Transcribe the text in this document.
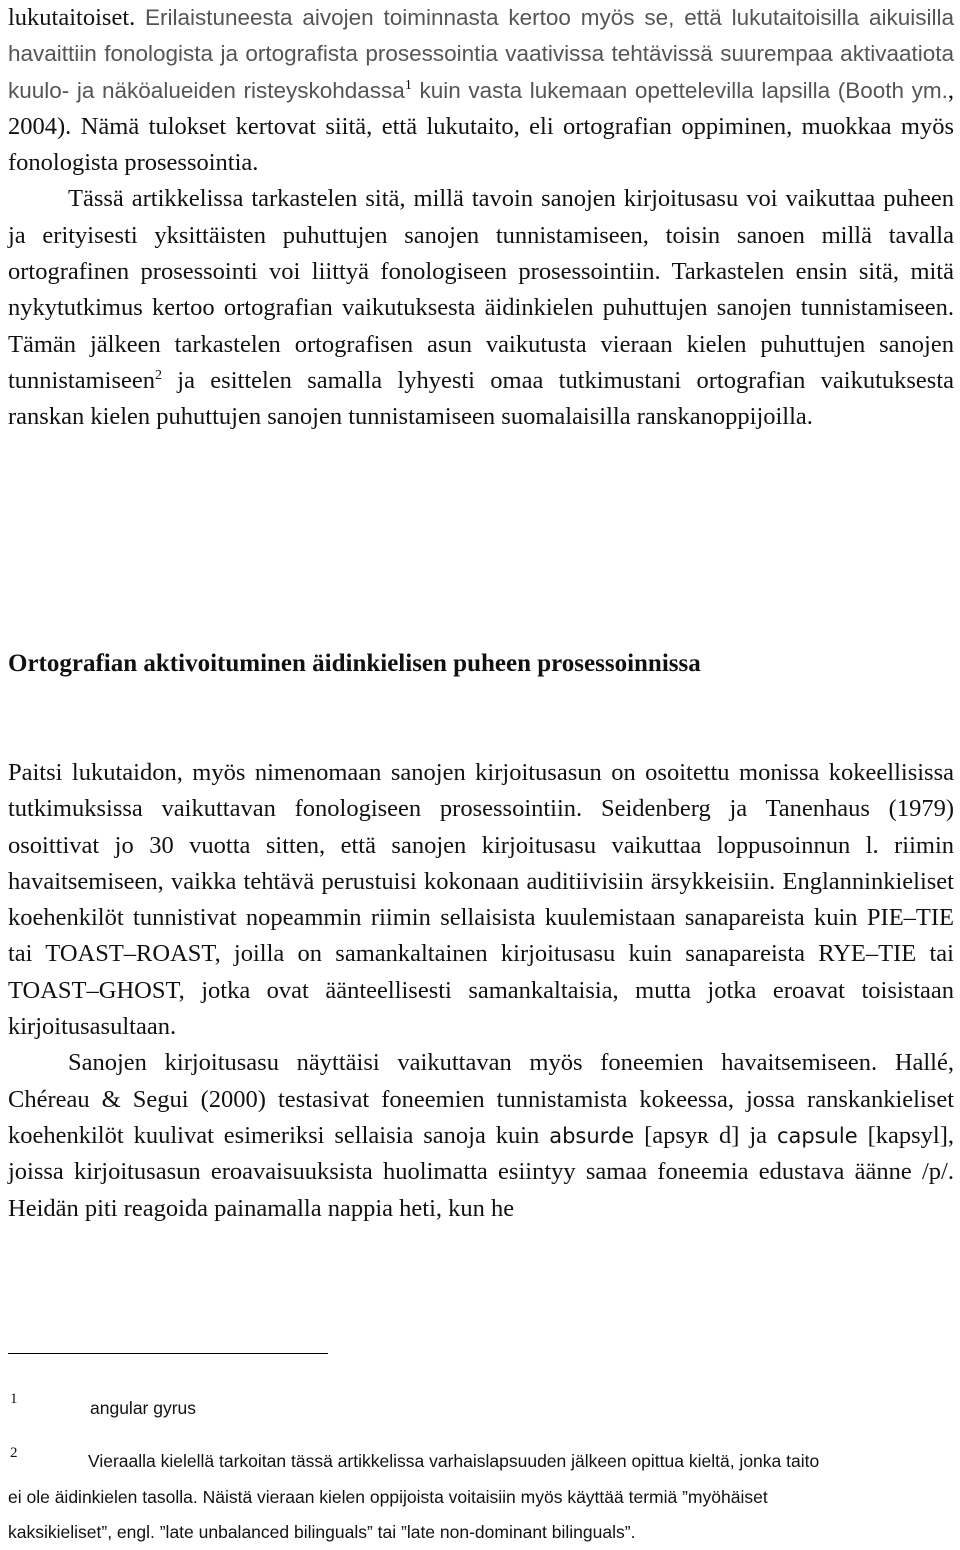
lukutaitoiset. Erilaistuneesta aivojen toiminnasta kertoo myös se, että lukutaitoisilla aikuisilla havaittiin fonologista ja ortografista prosessointia vaativissa tehtävissä suurempaa aktivaatiota kuulo- ja näköalueiden risteyskohdassa$^1$ kuin vasta lukemaan opettelevilla lapsilla (Booth ym., 2004). Nämä tulokset kertovat siitä, että lukutaito, eli ortografian oppiminen, muokkaa myös fonologista prosessointia.

Tässä artikkelissa tarkastelen sitä, millä tavoin sanojen kirjoitusasu voi vaikuttaa puheen ja erityisesti yksittäisten puhuttujen sanojen tunnistamiseen, toisin sanoen millä tavalla ortografinen prosessointi voi liittyä fonologiseen prosessointiin. Tarkastelen ensin sitä, mitä nykytutkimus kertoo ortografian vaikutuksesta äidinkielen puhuttujen sanojen tunnistamiseen. Tämän jälkeen tarkastelen ortografisen asun vaikutusta vieraan kielen puhuttujen sanojen tunnistamiseen$^2$ ja esittelen samalla lyhyesti omaa tutkimustani ortografian vaikutuksesta ranskan kielen puhuttujen sanojen tunnistamiseen suomalaisilla ranskanoppijoilla.

Ortografian aktivoituminen äidinkielisen puheen prosessoinnissa

Paitsi lukutaidon, myös nimenomaan sanojen kirjoitusasun on osoitettu monissa kokeellisissa tutkimuksissa vaikuttavan fonologiseen prosessointiin. Seidenberg ja Tanenhaus (1979) osoittivat jo 30 vuotta sitten, että sanojen kirjoitusasu vaikuttaa loppusoinnun l. riimin havaitsemiseen, vaikka tehtävä perustuisi kokonaan auditiivisiin ärsykkeisiin. Englanninkieliset koehenkilöt tunnistivat nopeammin riimin sellaisista kuulemistaan sanapareista kuin PIE–TIE tai TOAST–ROAST, joilla on samankaltainen kirjoitusasu kuin sanapareista RYE–TIE tai TOAST–GHOST, jotka ovat äänteellisesti samankaltaisia, mutta jotka eroavat toisistaan kirjoitusasultaan.

Sanojen kirjoitusasu näyttäisi vaikuttavan myös foneemien havaitsemiseen. Hallé, Chéreau & Segui (2000) testasivat foneemien tunnistamista kokeessa, jossa ranskankieliset koehenkilöt kuulivat esimeriksi sellaisia sanoja kuin absurde [apsyʀ d] ja capsule [kapsyl], joissa kirjoitusasun eroavaisuuksista huolimatta esiintyy samaa foneemia edustava äänne /p/. Heidän piti reagoida painamalla nappia heti, kun he

1	angular gyrus
2	Vieraalla kielellä tarkoitan tässä artikkelissa varhaislapsuuden jälkeen opittua kieltä, jonka taito
ei ole äidinkielen tasolla. Näistä vieraan kielen oppijoista voitaisiin myös käyttää termiä ”myöhäiset
kaksikieliset”, engl. ”late unbalanced bilinguals” tai ”late non-dominant bilinguals”.
